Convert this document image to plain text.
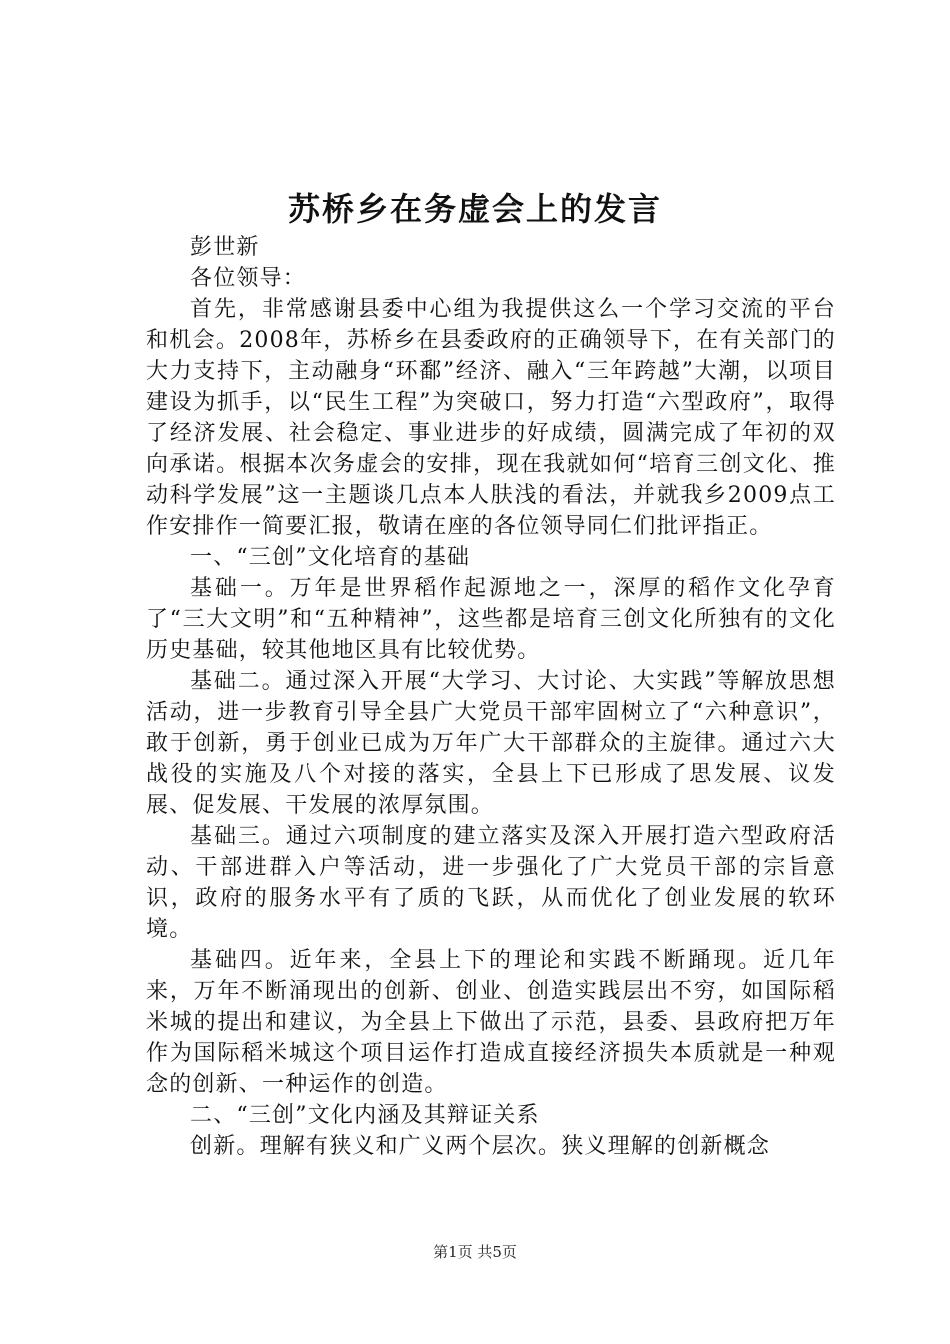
苏桥乡在务虚会上的发言

彭世新

各位领导：

首先，非常感谢县委中心组为我提供这么一个学习交流的平台和机会。2008年，苏桥乡在县委政府的正确领导下，在有关部门的大力支持下，主动融身“环鄱”经济、融入“三年跨越”大潮，以项目建设为抓手，以“民生工程”为突破口，努力打造“六型政府”，取得了经济发展、社会稳定、事业进步的好成绩，圆满完成了年初的双向承诺。根据本次务虚会的安排，现在我就如何“培育三创文化、推动科学发展”这一主题谈几点本人肤浅的看法，并就我乡2009点工作安排作一简要汇报，敬请在座的各位领导同仁们批评指正。

一、“三创”文化培育的基础

基础一。万年是世界稻作起源地之一，深厚的稻作文化孕育了“三大文明”和“五种精神”，这些都是培育三创文化所独有的文化历史基础，较其他地区具有比较优势。

基础二。通过深入开展“大学习、大讨论、大实践”等解放思想活动，进一步教育引导全县广大党员干部牢固树立了“六种意识”，敢于创新，勇于创业已成为万年广大干部群众的主旋律。通过六大战役的实施及八个对接的落实，全县上下已形成了思发展、议发展、促发展、干发展的浓厚氛围。

基础三。通过六项制度的建立落实及深入开展打造六型政府活动、干部进群入户等活动，进一步强化了广大党员干部的宗旨意识，政府的服务水平有了质的飞跃，从而优化了创业发展的软环境。

基础四。近年来，全县上下的理论和实践不断踊现。近几年来，万年不断涌现出的创新、创业、创造实践层出不穷，如国际稻米城的提出和建议，为全县上下做出了示范，县委、县政府把万年作为国际稻米城这个项目运作打造成直接经济损失本质就是一种观念的创新、一种运作的创造。

二、“三创”文化内涵及其辩证关系

创新。理解有狭义和广义两个层次。狭义理解的创新概念

第1页 共5页
